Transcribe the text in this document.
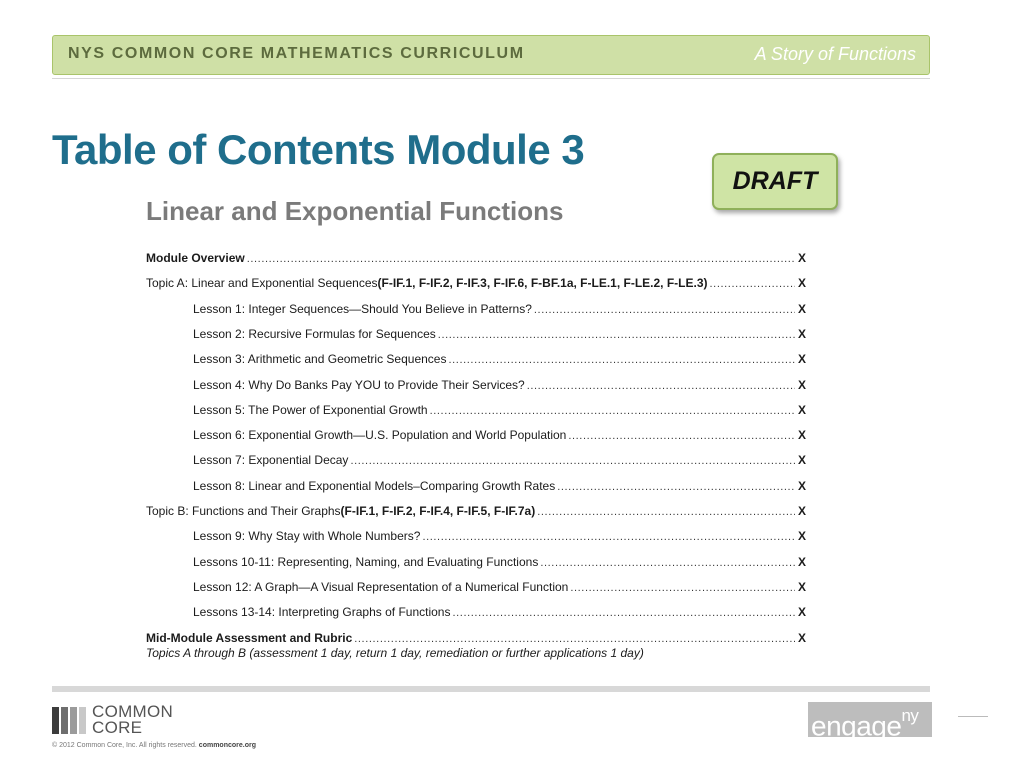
NYS COMMON CORE MATHEMATICS CURRICULUM	A Story of Functions
Table of Contents Module 3
DRAFT
Linear and Exponential Functions
Module Overview .....	X
Topic A: Linear and Exponential Sequences (F-IF.1, F-IF.2, F-IF.3, F-IF.6, F-BF.1a, F-LE.1, F-LE.2, F-LE.3) .....	X
Lesson 1: Integer Sequences—Should You Believe in Patterns? .....	X
Lesson 2: Recursive Formulas for Sequences .....	X
Lesson 3: Arithmetic and Geometric Sequences .....	X
Lesson 4: Why Do Banks Pay YOU to Provide Their Services? .....	X
Lesson 5: The Power of Exponential Growth .....	X
Lesson 6: Exponential Growth—U.S. Population and World Population .....	X
Lesson 7: Exponential Decay .....	X
Lesson 8: Linear and Exponential Models–Comparing Growth Rates .....	X
Topic B: Functions and Their Graphs (F-IF.1, F-IF.2, F-IF.4, F-IF.5, F-IF.7a) .....	X
Lesson 9: Why Stay with Whole Numbers? .....	X
Lessons 10-11: Representing, Naming, and Evaluating Functions .....	X
Lesson 12: A Graph—A Visual Representation of a Numerical Function .....	X
Lessons 13-14: Interpreting Graphs of Functions .....	X
Mid-Module Assessment and Rubric .....	X
Topics A through B (assessment 1 day, return 1 day, remediation or further applications 1 day)
COMMON
CORE
© 2012 Common Core, Inc. All rights reserved. commoncore.org
engage$^{ny}$
